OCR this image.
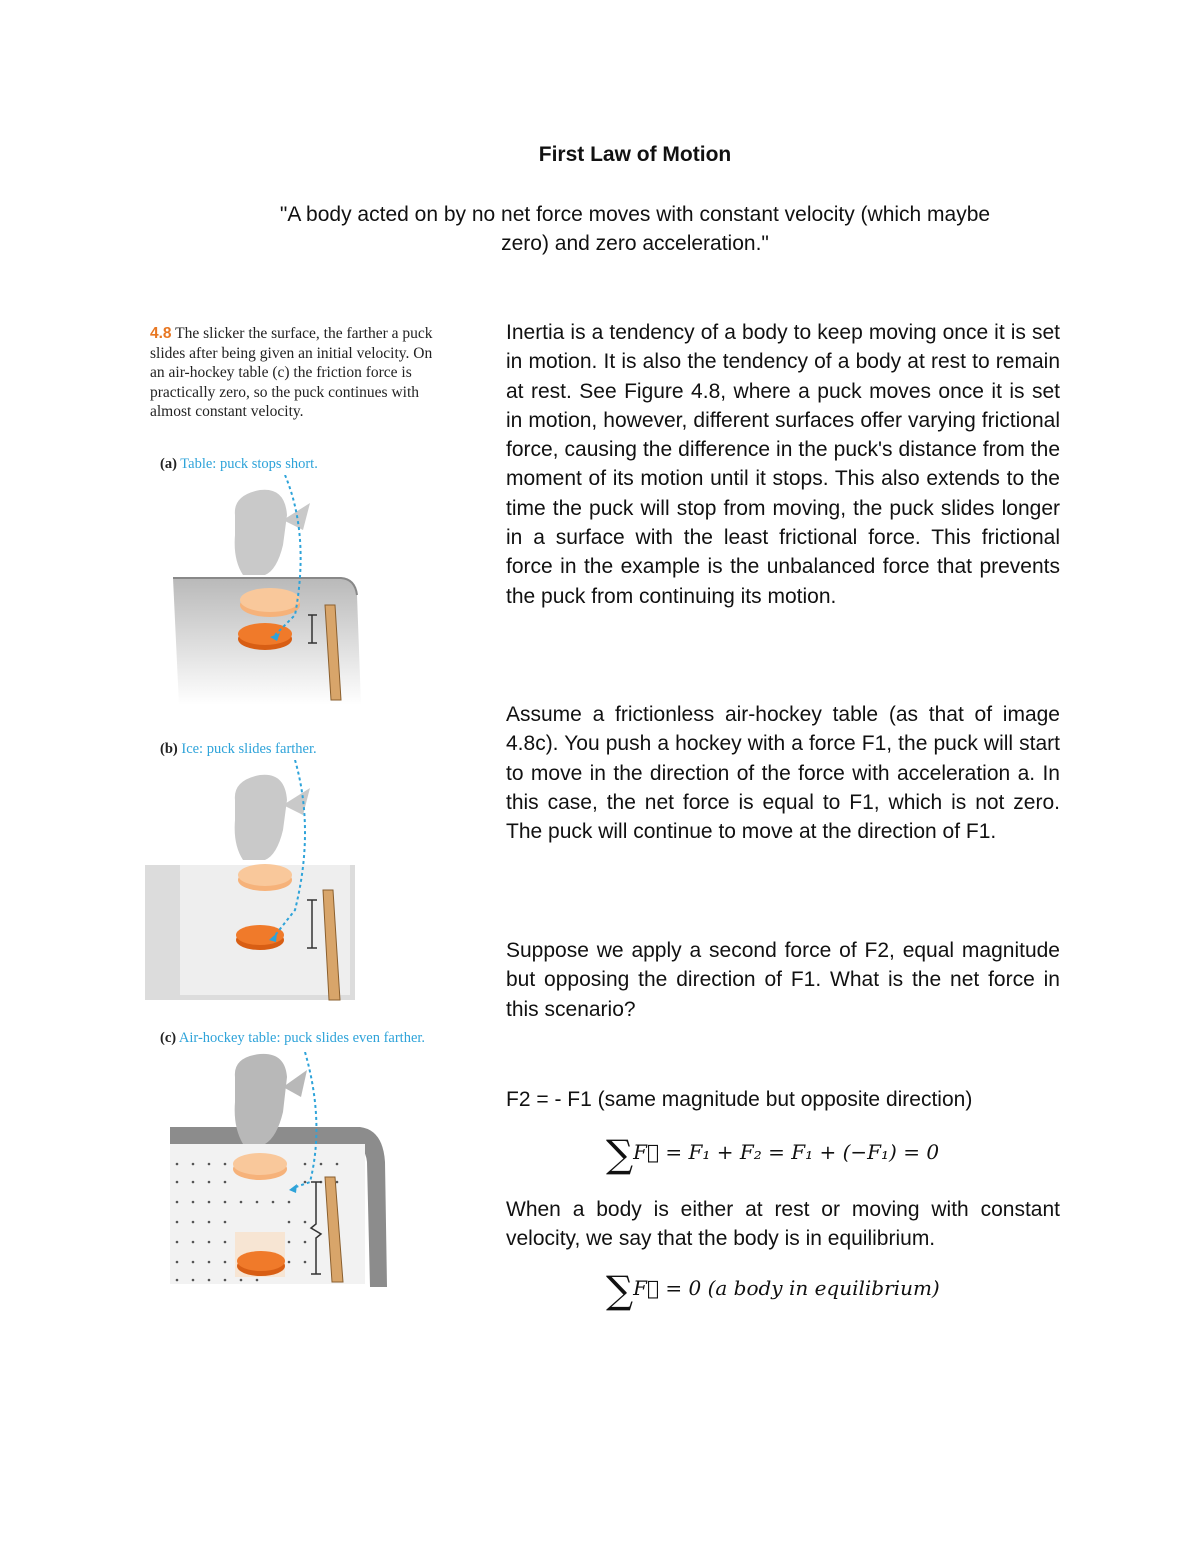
First Law of Motion
"A body acted on by no net force moves with constant velocity (which maybe
zero) and zero acceleration."
4.8 The slicker the surface, the farther a puck slides after being given an initial velocity. On an air-hockey table (c) the friction force is practically zero, so the puck continues with almost constant velocity.
(a) Table: puck stops short.
(b) Ice: puck slides farther.
(c) Air-hockey table: puck slides even farther.
Inertia is a tendency of a body to keep moving once it is set in motion. It is also the tendency of a body at rest to remain at rest. See Figure 4.8, where a puck moves once it is set in motion, however, different surfaces offer varying frictional force, causing the difference in the puck's distance from the moment of its motion until it stops. This also extends to the time the puck will stop from moving, the puck slides longer in a surface with the least frictional force. This frictional force in the example is the unbalanced force that prevents the puck from continuing its motion.
Assume a frictionless air-hockey table (as that of image 4.8c). You push a hockey with a force F1, the puck will start to move in the direction of the force with acceleration a. In this case, the net force is equal to F1, which is not zero. The puck will continue to move at the direction of F1.
Suppose we apply a second force of F2, equal magnitude but opposing the direction of F1. What is the net force in this scenario?
F2 = - F1 (same magnitude but opposite direction)
∑F⃗ = F₁ + F₂ = F₁ + (−F₁) = 0
When a body is either at rest or moving with constant velocity, we say that the body is in equilibrium.
∑F⃗ = 0 (a body in equilibrium)
